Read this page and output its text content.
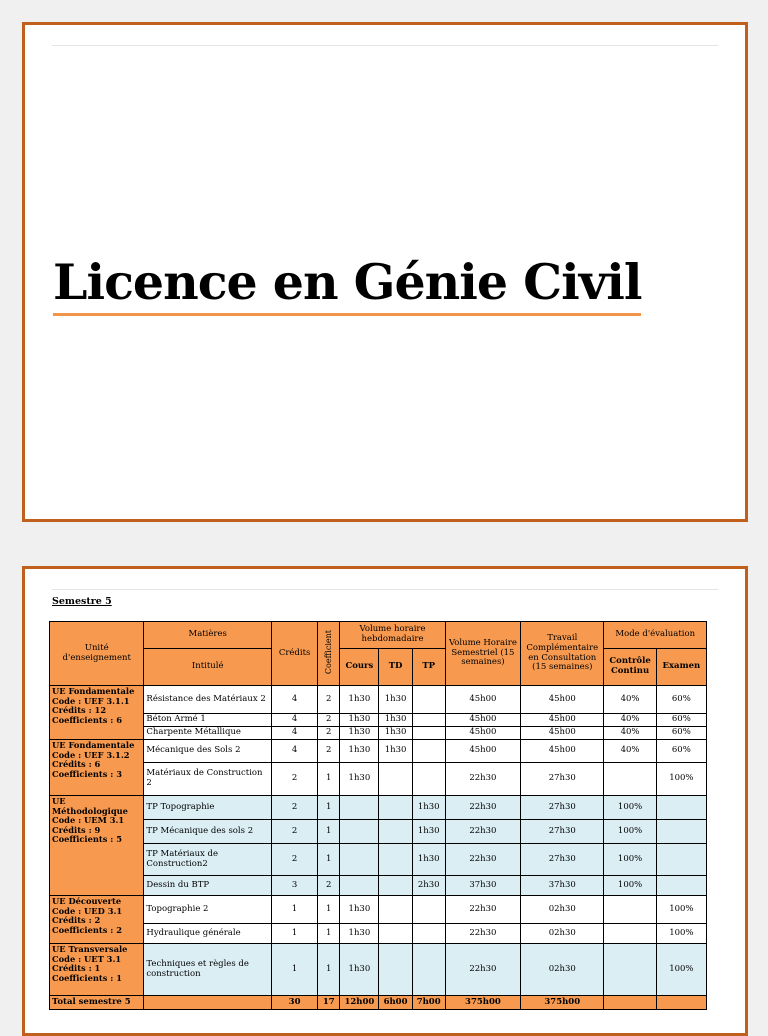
Licence en Génie Civil
Semestre 5
Unité d'enseignement	Matières	Crédits	Coefficient	Volume horaire hebdomadaire			Volume Horaire Semestriel (15 semaines)	Travail Complémentaire en Consultation (15 semaines)	Mode d'évaluation	
	Intitulé			Cours	TD	TP			Contrôle Continu	Examen
UE Fondamentale
Code : UEF 3.1.1
Crédits : 12
Coefficients : 6	Résistance des Matériaux 2	4	2	1h30	1h30		45h00	45h00	40%	60%
	Béton Armé 1	4	2	1h30	1h30		45h00	45h00	40%	60%
	Charpente Métallique	4	2	1h30	1h30		45h00	45h00	40%	60%
UE Fondamentale
Code : UEF 3.1.2
Crédits : 6
Coefficients : 3	Mécanique des Sols 2	4	2	1h30	1h30		45h00	45h00	40%	60%
	Matériaux de Construction 2	2	1	1h30			22h30	27h30		100%
UE Méthodologique
Code : UEM 3.1
Crédits : 9
Coefficients : 5	TP Topographie	2	1			1h30	22h30	27h30	100%	
	TP Mécanique des sols 2	2	1			1h30	22h30	27h30	100%	
	TP Matériaux de Construction2	2	1			1h30	22h30	27h30	100%	
	Dessin du BTP	3	2			2h30	37h30	37h30	100%	
UE Découverte
Code : UED 3.1
Crédits : 2
Coefficients : 2	Topographie 2	1	1	1h30			22h30	02h30		100%
	Hydraulique générale	1	1	1h30			22h30	02h30		100%
UE Transversale
Code : UET 3.1
Crédits : 1
Coefficients : 1	Techniques et règles de construction	1	1	1h30			22h30	02h30		100%
Total semestre 5		30	17	12h00	6h00	7h00	375h00	375h00		
